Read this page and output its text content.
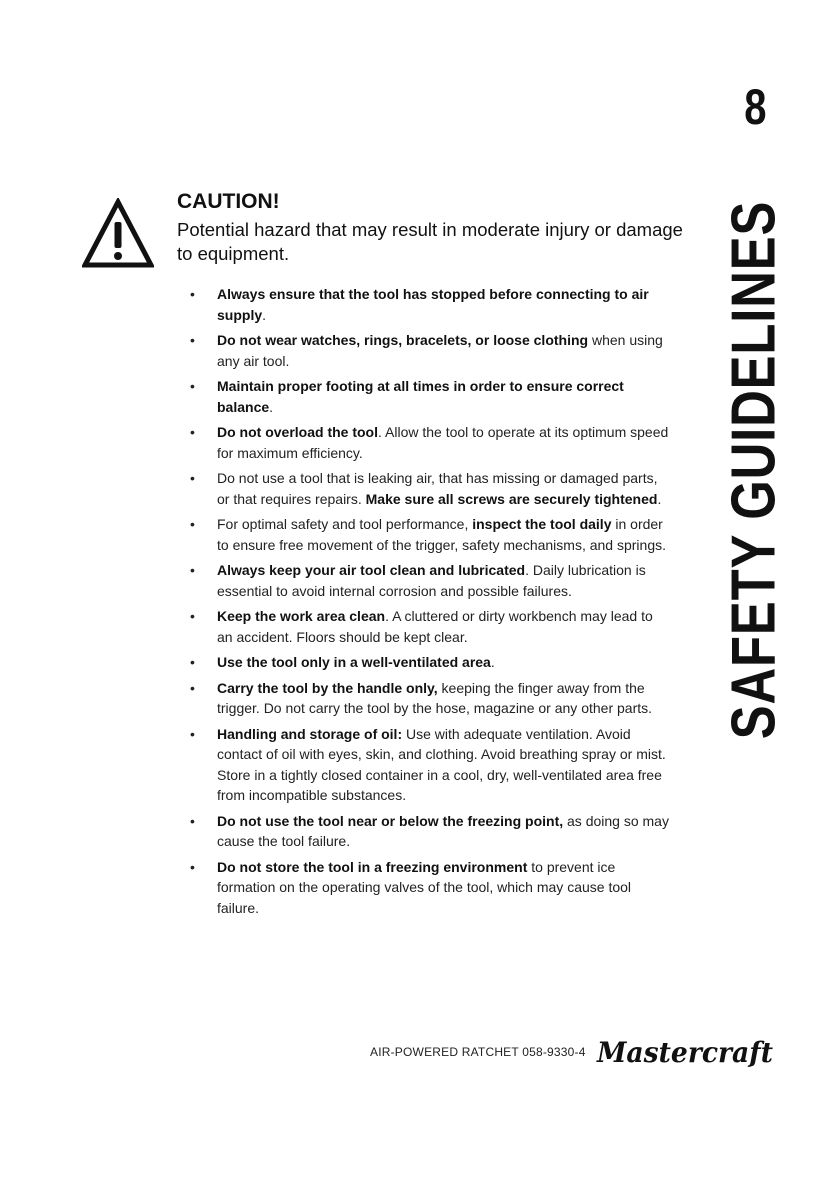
8
SAFETY GUIDELINES

CAUTION!

Potential hazard that may result in moderate injury or damage to equipment.

• Always ensure that the tool has stopped before connecting to air supply.
• Do not wear watches, rings, bracelets, or loose clothing when using any air tool.
• Maintain proper footing at all times in order to ensure correct balance.
• Do not overload the tool. Allow the tool to operate at its optimum speed for maximum efficiency.
• Do not use a tool that is leaking air, that has missing or damaged parts, or that requires repairs. Make sure all screws are securely tightened.
• For optimal safety and tool performance, inspect the tool daily in order to ensure free movement of the trigger, safety mechanisms, and springs.
• Always keep your air tool clean and lubricated. Daily lubrication is essential to avoid internal corrosion and possible failures.
• Keep the work area clean. A cluttered or dirty workbench may lead to an accident. Floors should be kept clear.
• Use the tool only in a well-ventilated area.
• Carry the tool by the handle only, keeping the finger away from the trigger. Do not carry the tool by the hose, magazine or any other parts.
• Handling and storage of oil: Use with adequate ventilation. Avoid contact of oil with eyes, skin, and clothing. Avoid breathing spray or mist. Store in a tightly closed container in a cool, dry, well-ventilated area free from incompatible substances.
• Do not use the tool near or below the freezing point, as doing so may cause the tool failure.
• Do not store the tool in a freezing environment to prevent ice formation on the operating valves of the tool, which may cause tool failure.
AIR-POWERED RATCHET 058-9330-4 Mastercraft
